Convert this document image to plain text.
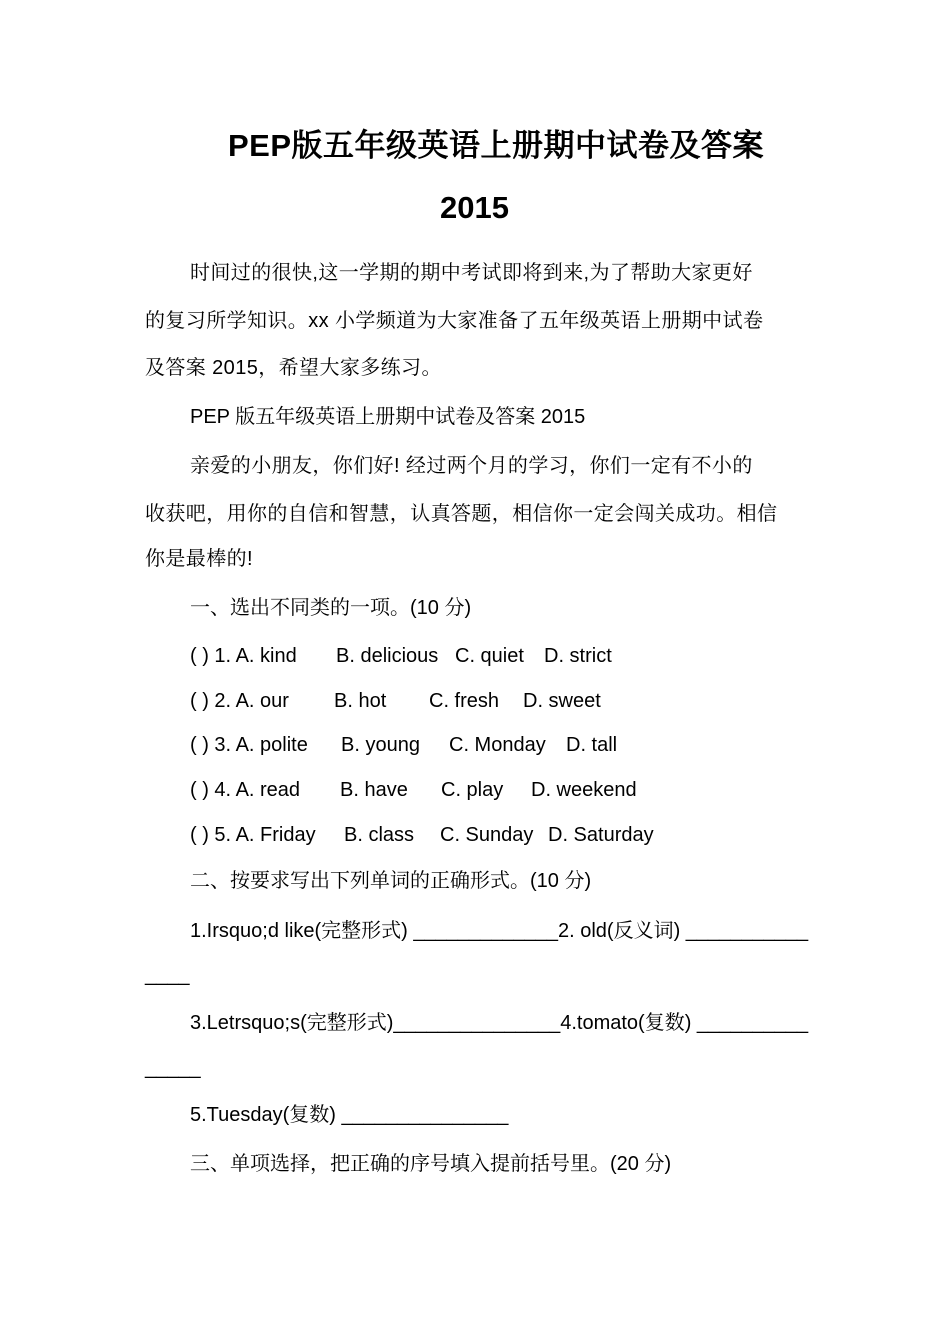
PEP版五年级英语上册期中试卷及答案
2015
时间过的很快,这一学期的期中考试即将到来,为了帮助大家更好
的复习所学知识。xx 小学频道为大家准备了五年级英语上册期中试卷
及答案 2015，希望大家多练习。
PEP 版五年级英语上册期中试卷及答案 2015
亲爱的小朋友，你们好! 经过两个月的学习，你们一定有不小的
收获吧，用你的自信和智慧，认真答题，相信你一定会闯关成功。相信
你是最棒的!
一、选出不同类的一项。(10 分)
( ) 1. A. kind B. delicious C. quiet D. strict
( ) 2. A. our B. hot C. fresh D. sweet
( ) 3. A. polite B. young C. Monday D. tall
( ) 4. A. read B. have C. play D. weekend
( ) 5. A. Friday B. class C. Sunday D. Saturday
二、按要求写出下列单词的正确形式。(10 分)
1.Irsquo;d like(完整形式) _____________2. old(反义词) ___________
____
3.Letrsquo;s(完整形式)_______________4.tomato(复数) __________
_____
5.Tuesday(复数) _______________
三、单项选择，把正确的序号填入提前括号里。(20 分)
